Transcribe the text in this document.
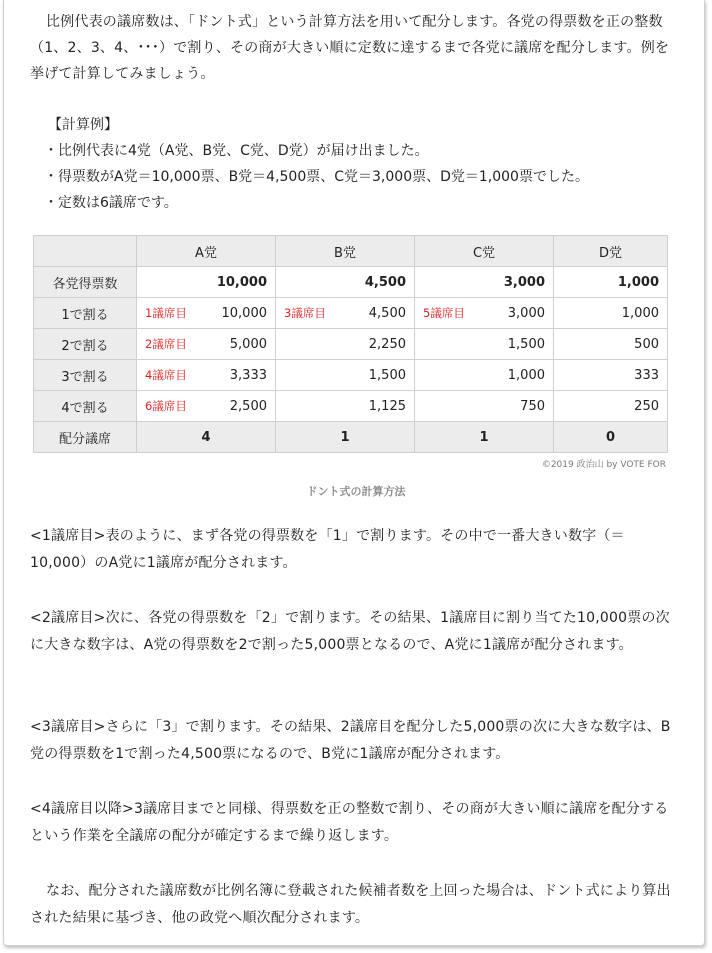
比例代表の議席数は、「ドント式」という計算方法を用いて配分します。各党の得票数を正の整数（1、2、3、4、･･･）で割り、その商が大きい順に定数に達するまで各党に議席を配分します。例を挙げて計算してみましょう。

【計算例】

・ 比例代表に4党（A党、B党、C党、D党）が届け出ました。

・ 得票数がA党＝10,000票、B党＝4,500票、C党＝3,000票、D党＝1,000票でした。

・ 定数は6議席です。

	A党	B党	C党	D党
各党得票数	10,000	4,500	3,000	1,000
1で割る	1議席目 10,000	3議席目 4,500	5議席目 3,000	1,000
2で割る	2議席目 5,000	2,250	1,500	500
3で割る	4議席目 3,333	1,500	1,000	333
4で割る	6議席目 2,500	1,125	750	250
配分議席	4	1	1	0
©2019 政治山 by VOTE FOR
ドント式の計算方法

<1議席目>表のように、まず各党の得票数を「1」で割ります。その中で一番大きい数字（＝10,000）のA党に1議席が配分されます。

<2議席目>次に、各党の得票数を「2」で割ります。その結果、1議席目に割り当てた10,000票の次に大きな数字は、A党の得票数を2で割った5,000票となるので、A党に1議席が配分されます。

<3議席目>さらに「3」で割ります。その結果、2議席目を配分した5,000票の次に大きな数字は、B党の得票数を1で割った4,500票になるので、B党に1議席が配分されます。

<4議席目以降>3議席目までと同様、得票数を正の整数で割り、その商が大きい順に議席を配分するという作業を全議席の配分が確定するまで繰り返します。

なお、配分された議席数が比例名簿に登載された候補者数を上回った場合は、ドント式により算出された結果に基づき、他の政党へ順次配分されます。
